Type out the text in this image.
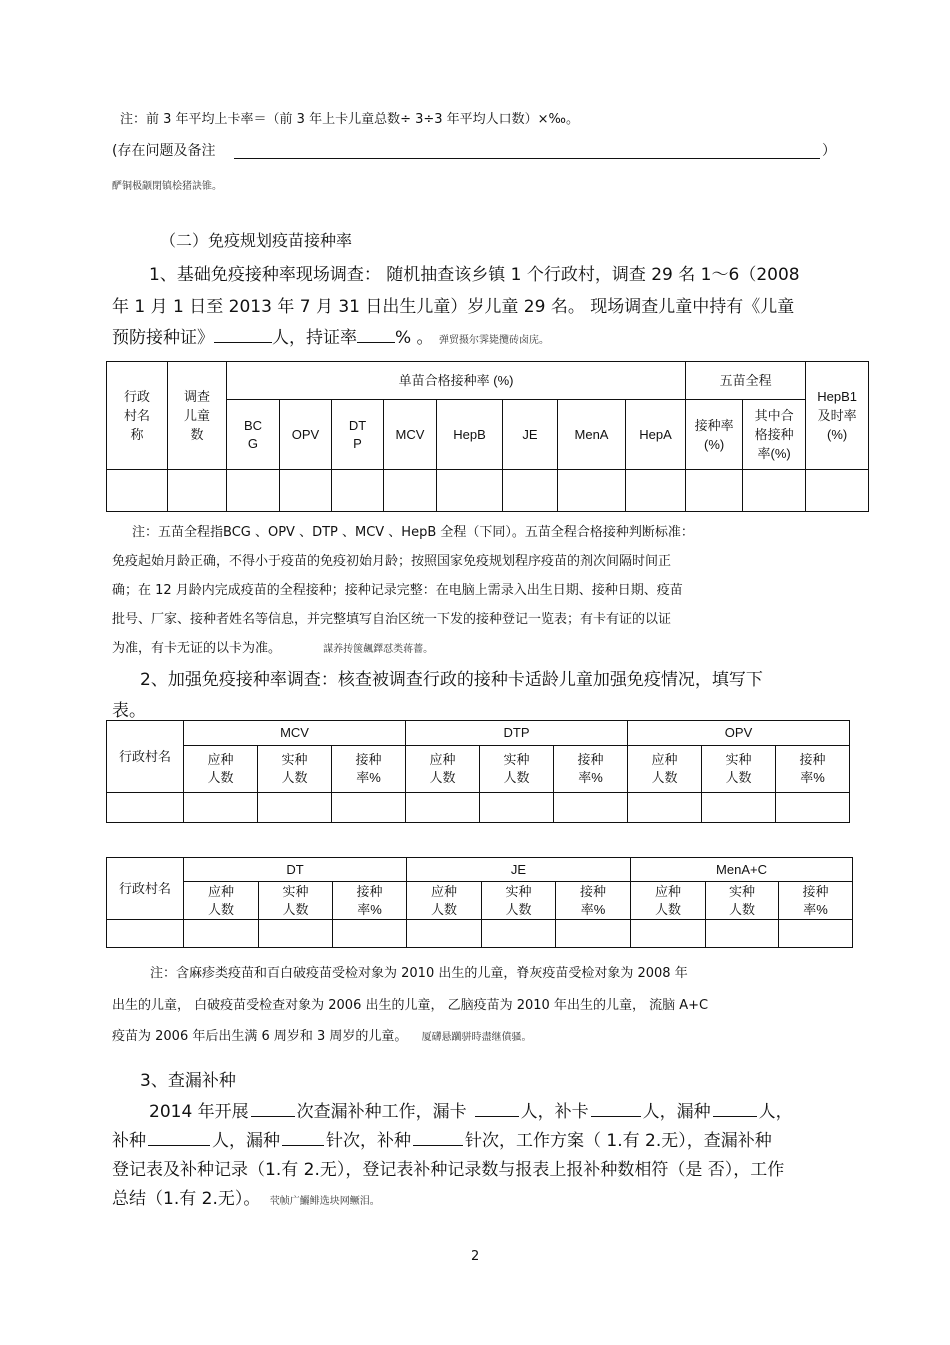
注：前 3 年平均上卡率＝（前 3 年上卡儿童总数÷ 3÷3 年平均人口数）×‰。
(存在问题及备注	）
酽铜极颛閉镇桧猪訣锥。
（二）免疫规划疫苗接种率
1、基础免疫接种率现场调查： 随机抽查该乡镇 1 个行政村，调查 29 名 1～6（2008
年 1 月 1 日至 2013 年 7 月 31 日出生儿童）岁儿童 29 名。 现场调查儿童中持有《儿童
预防接种证》	人，持证率 % 。 弹贸摄尔霁毙攬砖卤庑。
行政村名称	调查儿童数	单苗合格接种率 (%)								五苗全程		HepB1及时率(%)

		BCG	OPV	DTP	MCV	HepB	JE	MenA	HepA	接种率(%)	其中合格接种率(%)	

注：五苗全程指BCG 、OPV 、DTP 、MCV 、HepB 全程（下同）。五苗全程合格接种判断标准：
免疫起始月龄正确，不得小于疫苗的免疫初始月龄；按照国家免疫规划程序疫苗的剂次间隔时间正
确；在 12 月龄内完成疫苗的全程接种；接种记录完整：在电脑上需录入出生日期、接种日期、疫苗
批号、厂家、接种者姓名等信息，并完整填写自治区统一下发的接种登记一览表；有卡有证的以证
为准，有卡无证的以卡为准。	謀养抟箧飆鐸怼类蒋薔。
2、加强免疫接种率调查：核查被调查行政的接种卡适龄儿童加强免疫情况，填写下
表。
行政村名	MCV			DTP			OPV		

	应种人数	实种人数	接种率%	应种人数	实种人数	接种率%	应种人数	实种人数	接种率%

行政村名	DT			JE			MenA+C		

	应种人数	实种人数	接种率%	应种人数	实种人数	接种率%	应种人数	实种人数	接种率%

注：含麻疹类疫苗和百白破疫苗受检对象为 2010 出生的儿童，脊灰疫苗受检对象为 2008 年
出生的儿童， 白破疫苗受检查对象为 2006 出生的儿童， 乙脑疫苗为 2010 年出生的儿童， 流脑 A+C
疫苗为 2006 年后出生满 6 周岁和 3 周岁的儿童。 厦礴悬躪骈時盡继僨骚。
3、查漏补种
2014 年开展	次查漏补种工作，漏卡	人，补卡	人，漏种	人，
补种	人，漏种	针次，补种	针次，工作方案（ 1.有 2.无），查漏补种
登记表及补种记录（1.有 2.无），登记表补种记录数与报表上报补种数相符（是 否），工作
总结（1.有 2.无）。 茕帧广鱺鲱选块网鳜泪。
2
